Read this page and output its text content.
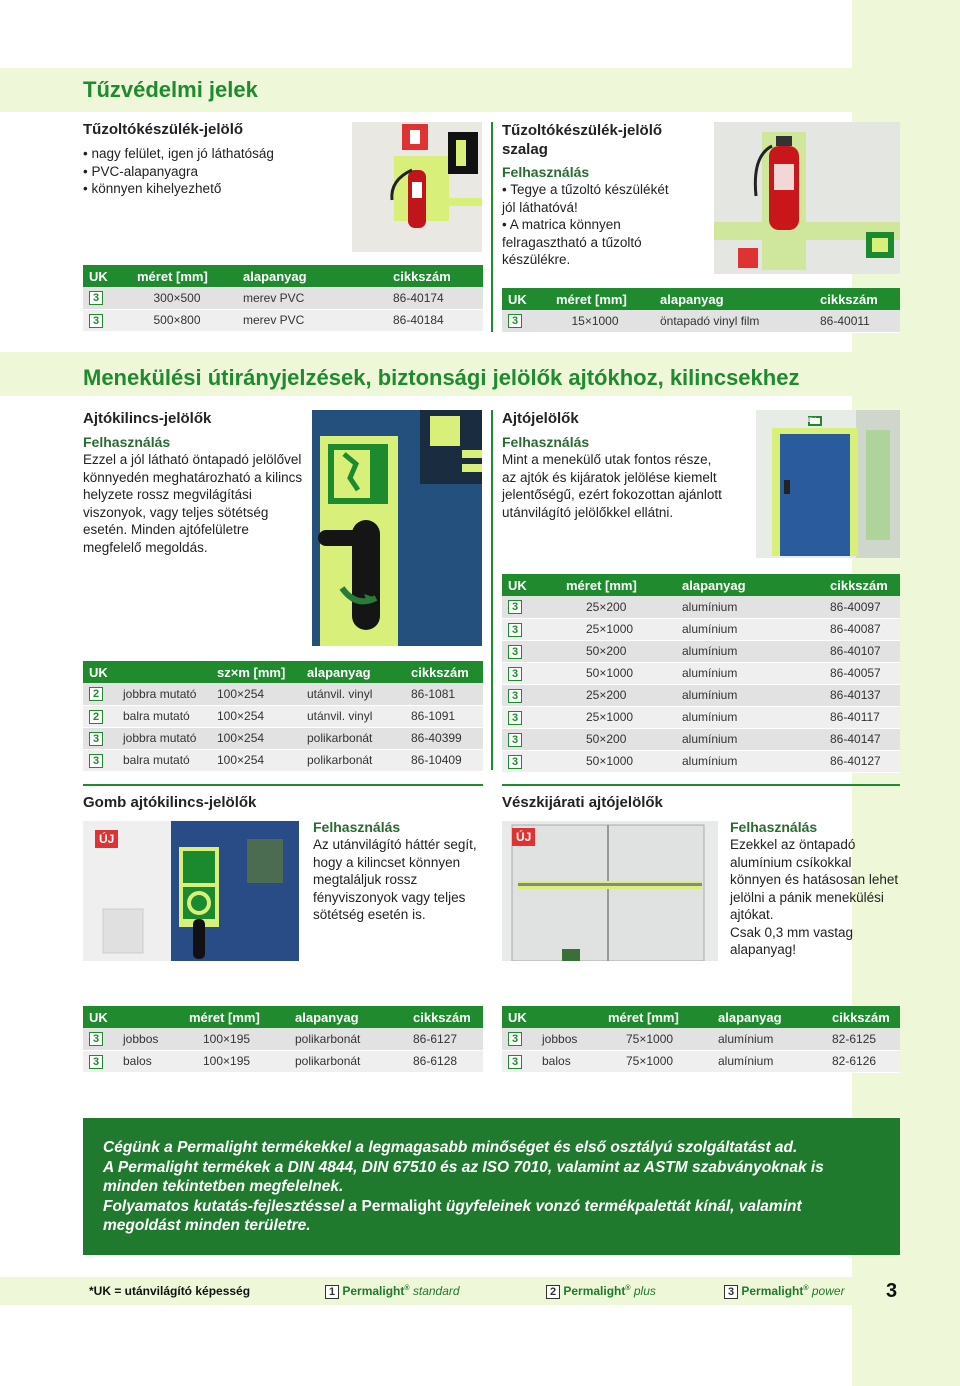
Tűzvédelmi jelek
Tűzoltókészülék-jelölő
• nagy felület, igen jó láthatóság
• PVC-alapanyagra
• könnyen kihelyezhető
UK	méret [mm]	alapanyag	cikkszám
3	300×500	merev PVC	86-40174
3	500×800	merev PVC	86-40184
Tűzoltókészülék-jelölő szalag
Felhasználás
• Tegye a tűzoltó készülékét jól láthatóvá!
• A matrica könnyen felragasztható a tűzoltó készülékre.
UK	méret [mm]	alapanyag	cikkszám
3	15×1000	öntapadó vinyl film	86-40011
Menekülési útirányjelzések, biztonsági jelölők ajtókhoz, kilincsekhez
Ajtókilincs-jelölők
Felhasználás
Ezzel a jól látható öntapadó jelölővel könnyedén meghatározható a kilincs helyzete rossz megvilágítási viszonyok, vagy teljes sötétség esetén. Minden ajtófelületre megfelelő megoldás.
UK		sz×m [mm]	alapanyag	cikkszám
2	jobbra mutató	100×254	utánvil. vinyl	86-1081
2	balra mutató	100×254	utánvil. vinyl	86-1091
3	jobbra mutató	100×254	polikarbonát	86-40399
3	balra mutató	100×254	polikarbonát	86-10409
Ajtójelölők
Felhasználás
Mint a menekülő utak fontos része, az ajtók és kijáratok jelölése kiemelt jelentőségű, ezért fokozottan ajánlott utánvilágító jelölőkkel ellátni.
EX
UK	méret [mm]	alapanyag	cikkszám
3	25×200	alumínium	86-40097
3	25×1000	alumínium	86-40087
3	50×200	alumínium	86-40107
3	50×1000	alumínium	86-40057
3	25×200	alumínium	86-40137
3	25×1000	alumínium	86-40117
3	50×200	alumínium	86-40147
3	50×1000	alumínium	86-40127
Gomb ajtókilincs-jelölők
ÚJ
Felhasználás
Az utánvilágító háttér segít, hogy a kilincset könnyen megtaláljuk rossz fényviszonyok vagy teljes sötétség esetén is.
UK		méret [mm]	alapanyag	cikkszám
3	jobbos	100×195	polikarbonát	86-6127
3	balos	100×195	polikarbonát	86-6128
Vészkijárati ajtójelölők
ÚJ
Felhasználás
Ezekkel az öntapadó alumínium csíkokkal könnyen és hatásosan lehet jelölni a pánik menekülési ajtókat.
Csak 0,3 mm vastag alapanyag!
UK		méret [mm]	alapanyag	cikkszám
3	jobbos	75×1000	alumínium	82-6125
3	balos	75×1000	alumínium	82-6126
Cégünk a Permalight termékekkel a legmagasabb minőséget és első osztályú szolgáltatást ad.
A Permalight termékek a DIN 4844, DIN 67510 és az ISO 7010, valamint az ASTM szabványoknak is minden tekintetben megfelelnek.
Folyamatos kutatás-fejlesztéssel a Permalight ügyfeleinek vonzó termékpalettát kínál, valamint megoldást minden területre.
*UK = utánvilágító képesség	1 Permalight® standard	2 Permalight® plus	3 Permalight® power 3
